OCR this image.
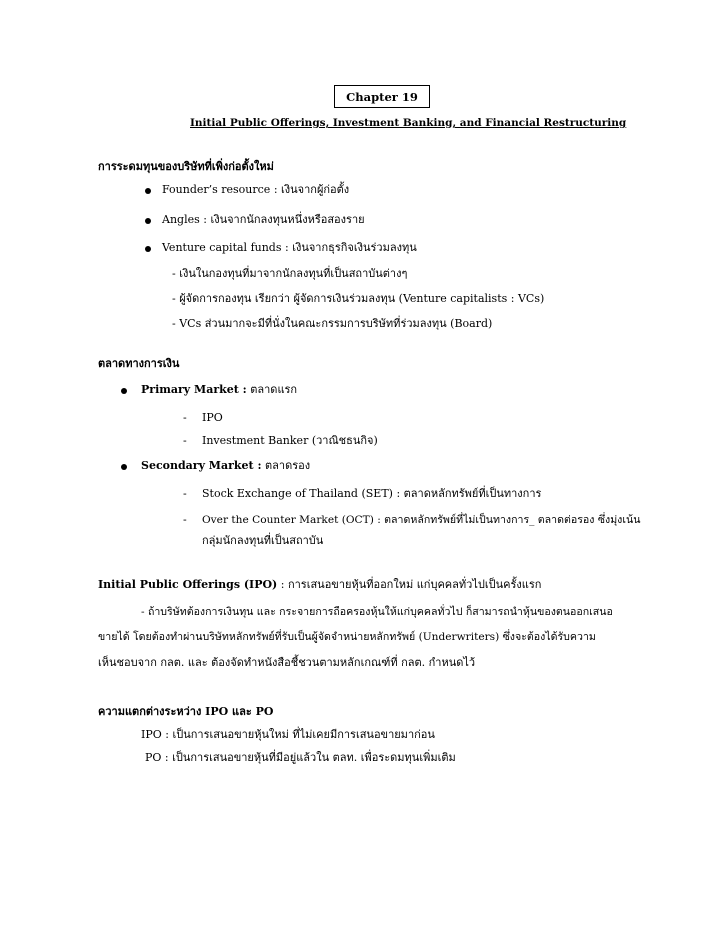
Chapter 19
Initial Public Offerings, Investment Banking, and Financial Restructuring
การระดมทุนของบริษัทที่เพิ่งก่อตั้งใหม่
Founder’s resource : เงินจากผู้ก่อตั้ง
Angles : เงินจากนักลงทุนหนึ่งหรือสองราย
Venture capital funds : เงินจากธุรกิจเงินร่วมลงทุน
- เงินในกองทุนที่มาจากนักลงทุนที่เป็นสถาบันต่างๆ
- ผู้จัดการกองทุน เรียกว่า ผู้จัดการเงินร่วมลงทุน (Venture capitalists : VCs)
- VCs ส่วนมากจะมีที่นั่งในคณะกรรมการบริษัทที่ร่วมลงทุน (Board)
ตลาดทางการเงิน
Primary Market : ตลาดแรก
- IPO
- Investment Banker (วาณิชธนกิจ)
Secondary Market : ตลาดรอง
- Stock Exchange of Thailand (SET) : ตลาดหลักทรัพย์ที่เป็นทางการ
- Over the Counter Market (OCT) : ตลาดหลักทรัพย์ที่ไม่เป็นทางการ_ ตลาดต่อรอง ซึ่งมุ่งเน้น
กลุ่มนักลงทุนที่เป็นสถาบัน
Initial Public Offerings (IPO) : การเสนอขายหุ้นที่ออกใหม่ แก่บุคคลทั่วไปเป็นครั้งแรก
- ถ้าบริษัทต้องการเงินทุน และ กระจายการถือครองหุ้นให้แก่บุคคลทั่วไป ก็สามารถนำหุ้นของตนออกเสนอ
ขายได้ โดยต้องทำผ่านบริษัทหลักทรัพย์ที่รับเป็นผู้จัดจำหน่ายหลักทรัพย์ (Underwriters) ซึ่งจะต้องได้รับความ
เห็นชอบจาก กลต. และ ต้องจัดทำหนังสือชี้ชวนตามหลักเกณฑ์ที่ กลต. กำหนดไว้
ความแตกต่างระหว่าง IPO และ PO
IPO : เป็นการเสนอขายหุ้นใหม่ ที่ไม่เคยมีการเสนอขายมาก่อน
PO : เป็นการเสนอขายหุ้นที่มีอยู่แล้วใน ตลท. เพื่อระดมทุนเพิ่มเติม
